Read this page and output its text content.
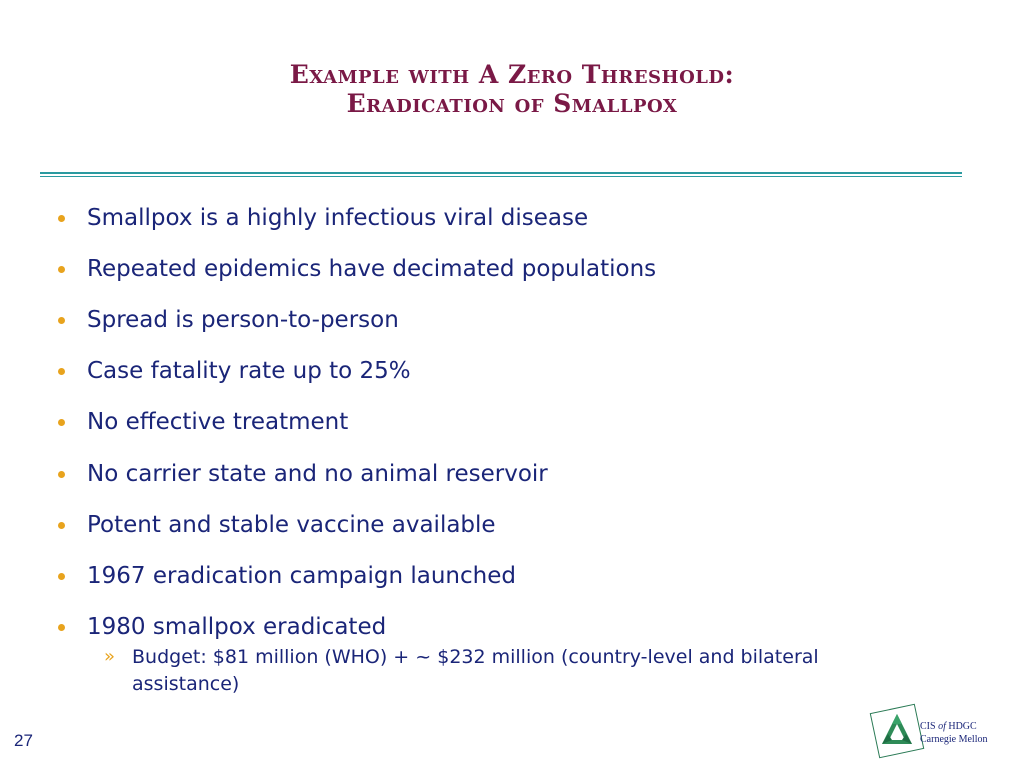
Example with A Zero Threshold:
Eradication of Smallpox
Smallpox is a highly infectious viral disease
Repeated epidemics have decimated populations
Spread is person-to-person
Case fatality rate up to 25%
No effective treatment
No carrier state and no animal reservoir
Potent and stable vaccine available
1967 eradication campaign launched
1980 smallpox eradicated
» Budget: $81 million (WHO) + ~ $232 million (country-level and bilateral assistance)
27
CIS of HDGC
Carnegie Mellon
